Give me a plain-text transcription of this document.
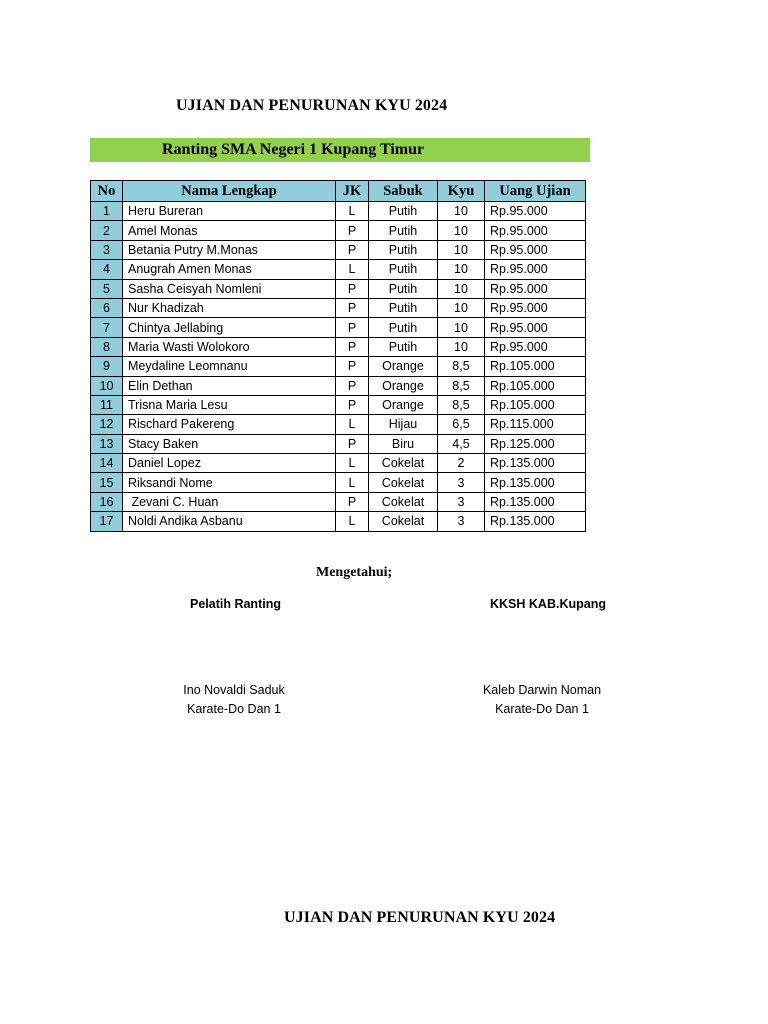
UJIAN DAN PENURUNAN KYU 2024
Ranting SMA Negeri 1 Kupang Timur
No	Nama Lengkap	JK	Sabuk	Kyu	Uang Ujian
1	Heru Bureran	L	Putih	10	Rp.95.000
2	Amel Monas	P	Putih	10	Rp.95.000
3	Betania Putry M.Monas	P	Putih	10	Rp.95.000
4	Anugrah Amen Monas	L	Putih	10	Rp.95.000
5	Sasha Ceisyah Nomleni	P	Putih	10	Rp.95.000
6	Nur Khadizah	P	Putih	10	Rp.95.000
7	Chintya Jellabing	P	Putih	10	Rp.95.000
8	Maria Wasti Wolokoro	P	Putih	10	Rp.95.000
9	Meydaline Leomnanu	P	Orange	8,5	Rp.105.000
10	Elin Dethan	P	Orange	8,5	Rp.105.000
11	Trisna Maria Lesu	P	Orange	8,5	Rp.105.000
12	Rischard Pakereng	L	Hijau	6,5	Rp.115.000
13	Stacy Baken	P	Biru	4,5	Rp.125.000
14	Daniel Lopez	L	Cokelat	2	Rp.135.000
15	Riksandi Nome	L	Cokelat	3	Rp.135.000
16	Zevani C. Huan	P	Cokelat	3	Rp.135.000
17	Noldi Andika Asbanu	L	Cokelat	3	Rp.135.000
Mengetahui;
Pelatih Ranting
Ino Novaldi Saduk
Karate-Do Dan 1
KKSH KAB.Kupang
Kaleb Darwin Noman
Karate-Do Dan 1
UJIAN DAN PENURUNAN KYU 2024
